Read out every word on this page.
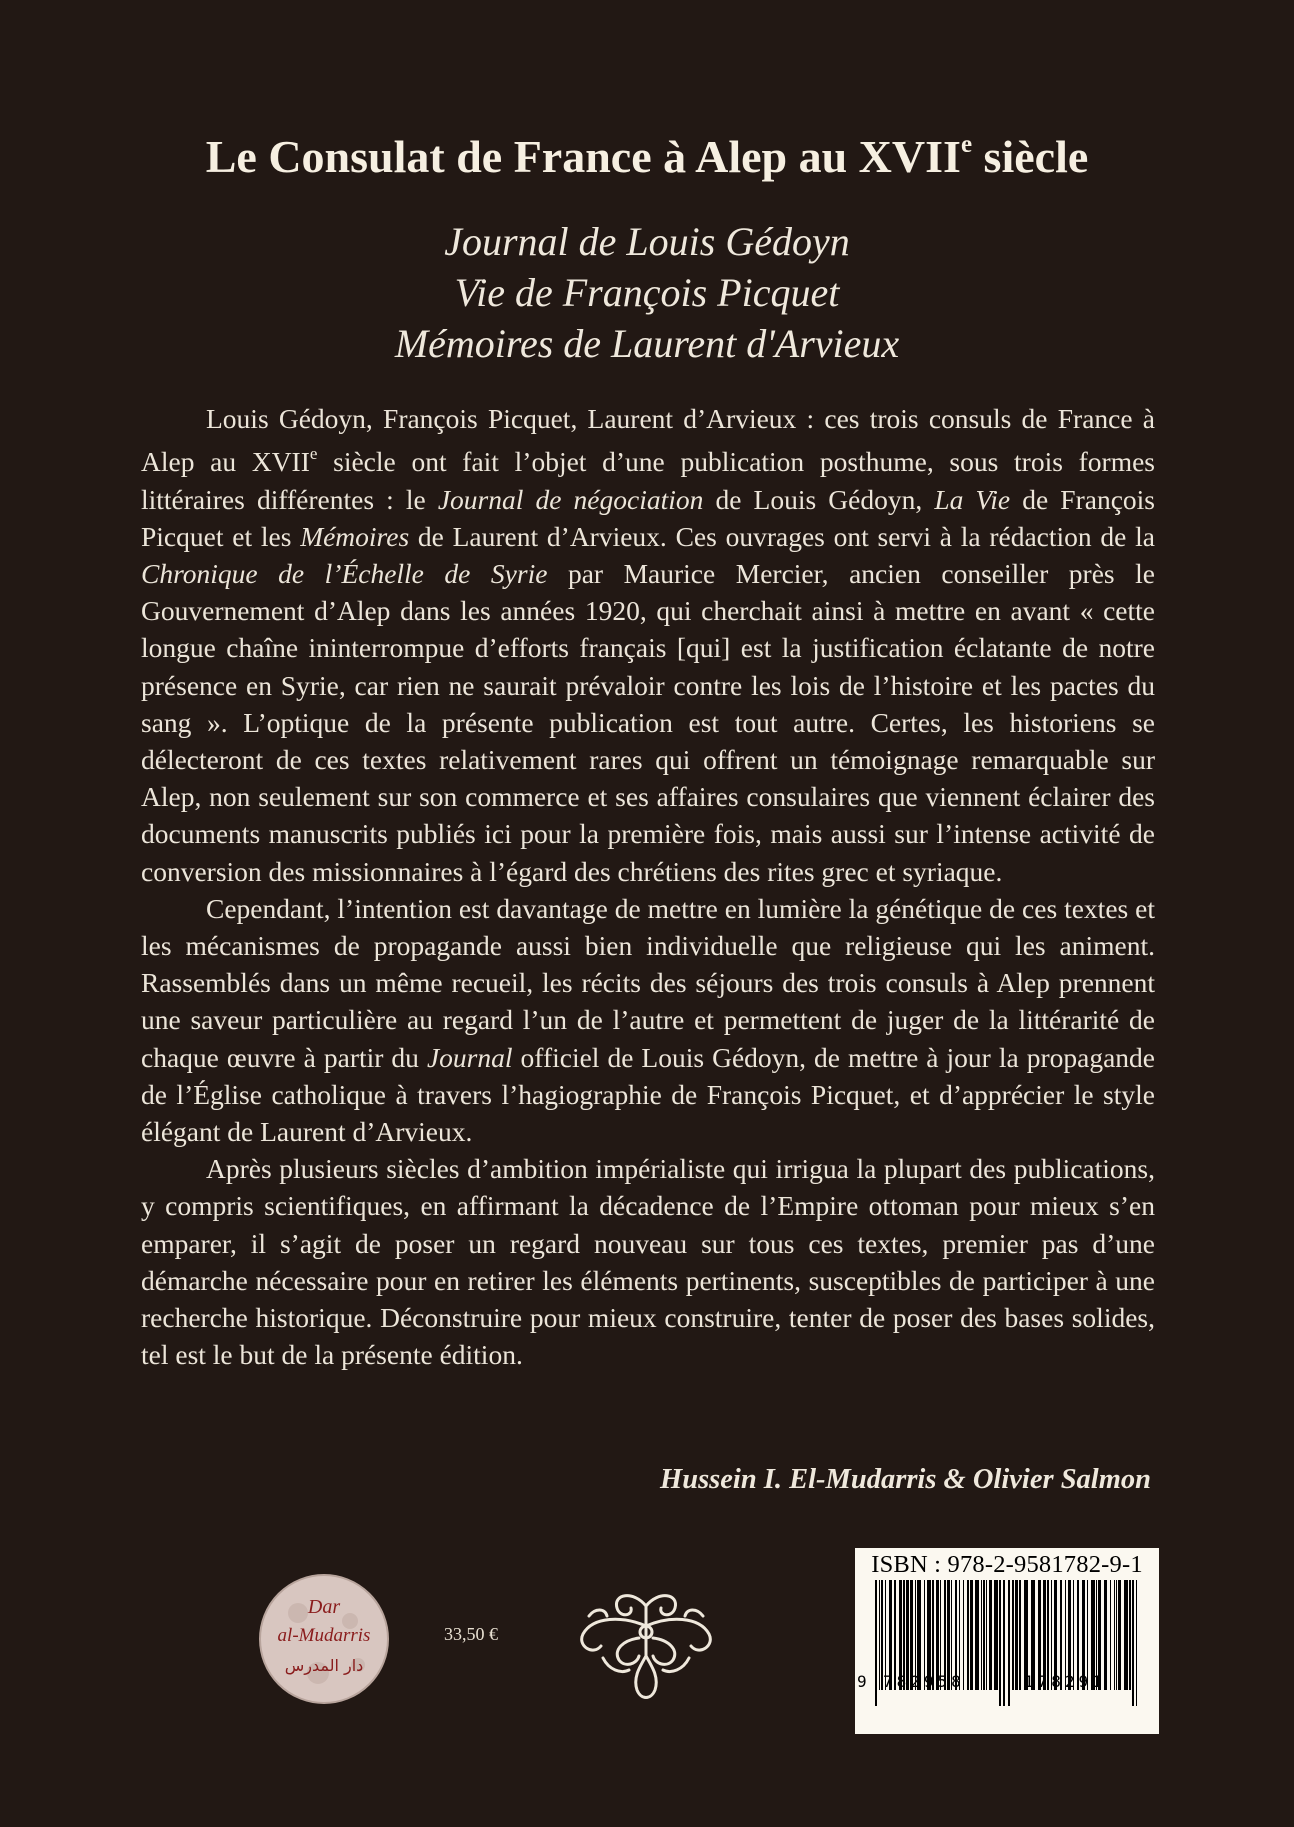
Le Consulat de France à Alep au XVIIe siècle
Journal de Louis Gédoyn
Vie de François Picquet
Mémoires de Laurent d'Arvieux

Louis Gédoyn, François Picquet, Laurent d’Arvieux : ces trois consuls de France à Alep au XVIIe siècle ont fait l’objet d’une publication posthume, sous trois formes littéraires différentes : le Journal de négociation de Louis Gédoyn, La Vie de François Picquet et les Mémoires de Laurent d’Arvieux. Ces ouvrages ont servi à la rédaction de la Chronique de l’Échelle de Syrie par Maurice Mercier, ancien conseiller près le Gouvernement d’Alep dans les années 1920, qui cherchait ainsi à mettre en avant « cette longue chaîne ininterrompue d’efforts français [qui] est la justification éclatante de notre présence en Syrie, car rien ne saurait prévaloir contre les lois de l’histoire et les pactes du sang ». L’optique de la présente publication est tout autre. Certes, les historiens se délecteront de ces textes relativement rares qui offrent un témoignage remarquable sur Alep, non seulement sur son commerce et ses affaires consulaires que viennent éclairer des documents manuscrits publiés ici pour la première fois, mais aussi sur l’intense activité de conversion des missionnaires à l’égard des chrétiens des rites grec et syriaque.

Cependant, l’intention est davantage de mettre en lumière la génétique de ces textes et les mécanismes de propagande aussi bien individuelle que religieuse qui les animent. Rassemblés dans un même recueil, les récits des séjours des trois consuls à Alep prennent une saveur particulière au regard l’un de l’autre et permettent de juger de la littérarité de chaque œuvre à partir du Journal officiel de Louis Gédoyn, de mettre à jour la propagande de l’Église catholique à travers l’hagiographie de François Picquet, et d’apprécier le style élégant de Laurent d’Arvieux.

Après plusieurs siècles d’ambition impérialiste qui irrigua la plupart des publications, y compris scientifiques, en affirmant la décadence de l’Empire ottoman pour mieux s’en emparer, il s’agit de poser un regard nouveau sur tous ces textes, premier pas d’une démarche nécessaire pour en retirer les éléments pertinents, susceptibles de participer à une recherche historique. Déconstruire pour mieux construire, tenter de poser des bases solides, tel est le but de la présente édition.

Hussein I. El-Mudarris & Olivier Salmon
Dar
al-Mudarris
دار المدرس
33,50 €
ISBN : 978-2-9581782-9-1
9 782958	178291
